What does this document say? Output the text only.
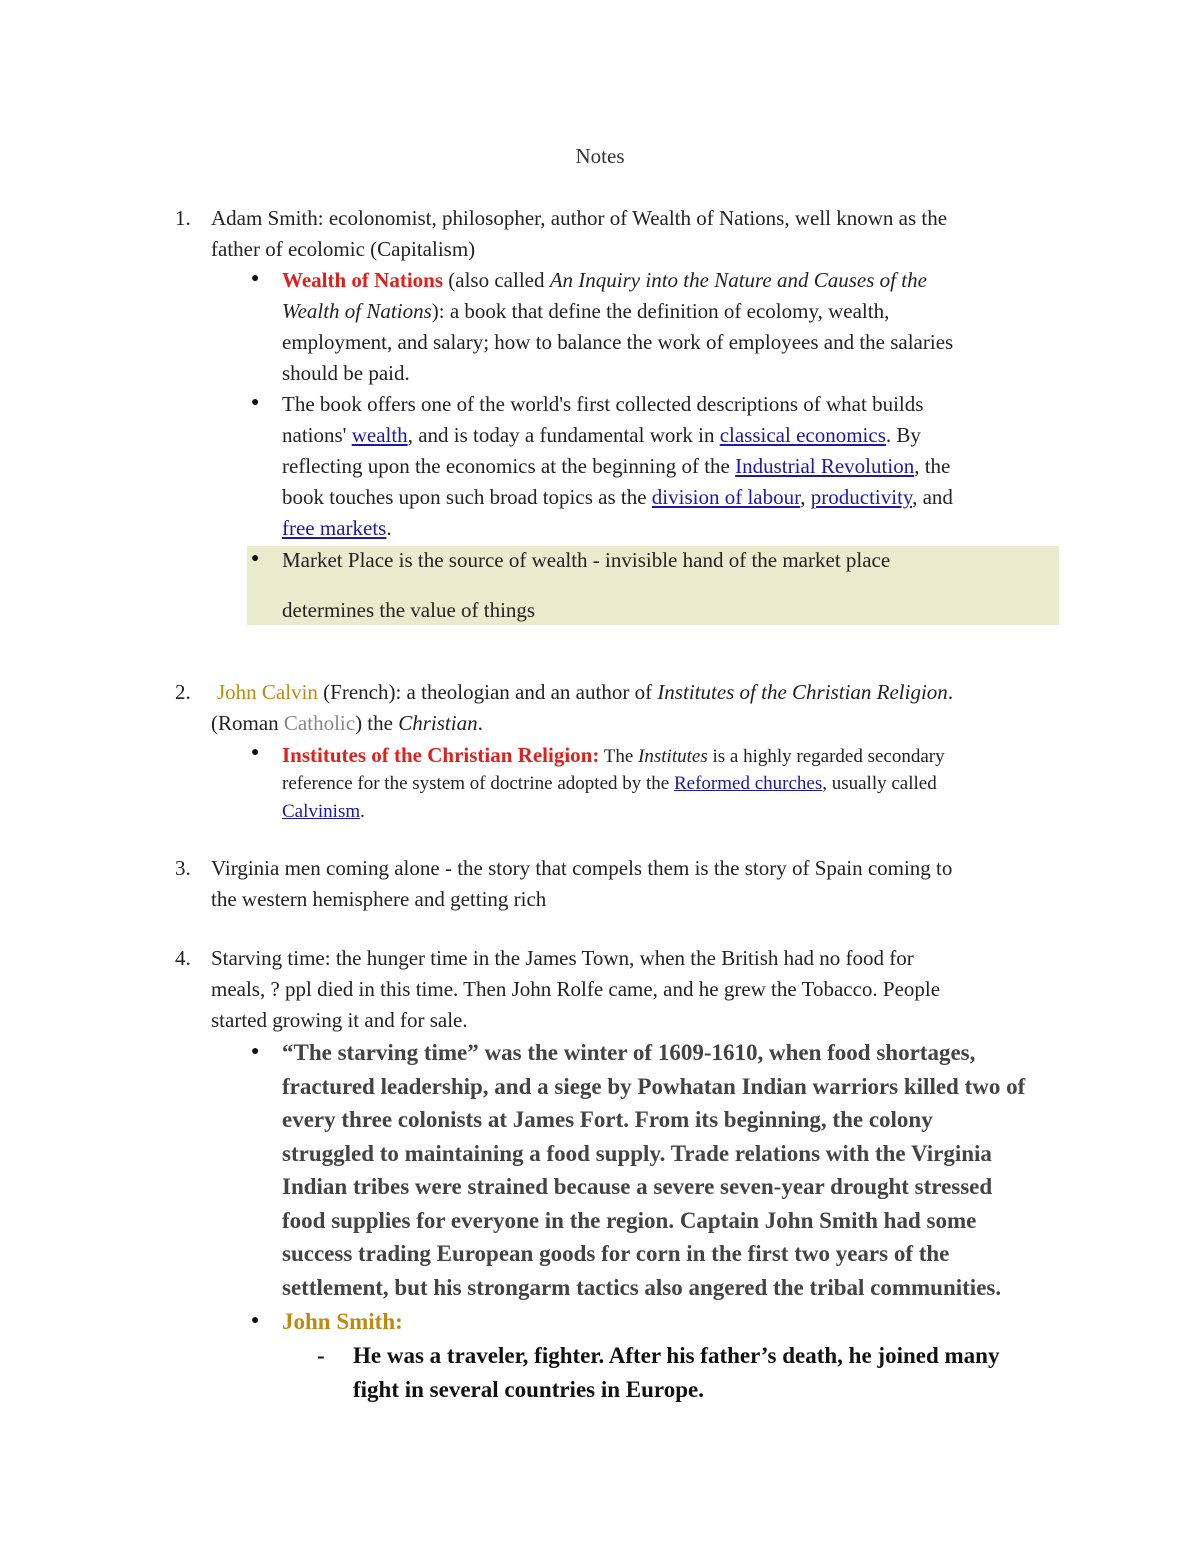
Notes
1. Adam Smith: ecolonomist, philosopher, author of Wealth of Nations, well known as the
father of ecolomic (Capitalism)
● Wealth of Nations (also called An Inquiry into the Nature and Causes of the
Wealth of Nations): a book that define the definition of ecolomy, wealth,
employment, and salary; how to balance the work of employees and the salaries
should be paid.
● The book offers one of the world's first collected descriptions of what builds
nations' wealth, and is today a fundamental work in classical economics. By
reflecting upon the economics at the beginning of the Industrial Revolution, the
book touches upon such broad topics as the division of labour, productivity, and
free markets.
● Market Place is the source of wealth - invisible hand of the market place
determines the value of things
2. John Calvin (French): a theologian and an author of Institutes of the Christian Religion.
(Roman Catholic) the Christian.
● Institutes of the Christian Religion: The Institutes is a highly regarded secondary
reference for the system of doctrine adopted by the Reformed churches, usually called
Calvinism.
3. Virginia men coming alone - the story that compels them is the story of Spain coming to
the western hemisphere and getting rich
4. Starving time: the hunger time in the James Town, when the British had no food for
meals, ? ppl died in this time. Then John Rolfe came, and he grew the Tobacco. People
started growing it and for sale.
● “The starving time” was the winter of 1609-1610, when food shortages,
fractured leadership, and a siege by Powhatan Indian warriors killed two of
every three colonists at James Fort. From its beginning, the colony
struggled to maintaining a food supply. Trade relations with the Virginia
Indian tribes were strained because a severe seven-year drought stressed
food supplies for everyone in the region. Captain John Smith had some
success trading European goods for corn in the first two years of the
settlement, but his strongarm tactics also angered the tribal communities.
● John Smith:
- He was a traveler, fighter. After his father’s death, he joined many
fight in several countries in Europe.
